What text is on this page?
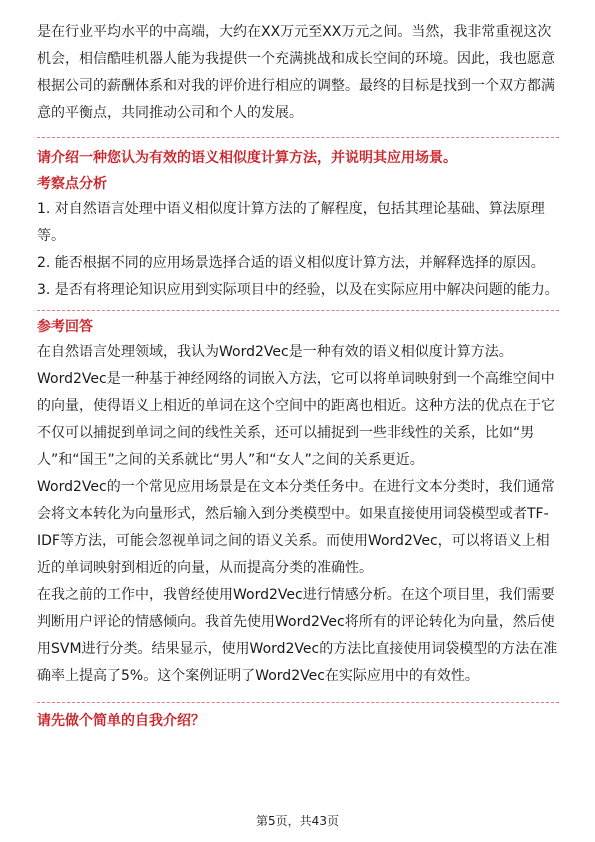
是在行业平均水平的中高端，大约在XX万元至XX万元之间。当然，我非常重视这次机会，相信酷哇机器人能为我提供一个充满挑战和成长空间的环境。因此，我也愿意根据公司的薪酬体系和对我的评价进行相应的调整。最终的目标是找到一个双方都满意的平衡点，共同推动公司和个人的发展。

请介绍一种您认为有效的语义相似度计算方法，并说明其应用场景。

考察点分析

1. 对自然语言处理中语义相似度计算方法的了解程度，包括其理论基础、算法原理等。

2. 能否根据不同的应用场景选择合适的语义相似度计算方法，并解释选择的原因。

3. 是否有将理论知识应用到实际项目中的经验，以及在实际应用中解决问题的能力。

参考回答

在自然语言处理领域，我认为Word2Vec是一种有效的语义相似度计算方法。

Word2Vec是一种基于神经网络的词嵌入方法，它可以将单词映射到一个高维空间中的向量，使得语义上相近的单词在这个空间中的距离也相近。这种方法的优点在于它不仅可以捕捉到单词之间的线性关系，还可以捕捉到一些非线性的关系，比如“男人”和“国王”之间的关系就比“男人”和“女人”之间的关系更近。

Word2Vec的一个常见应用场景是在文本分类任务中。在进行文本分类时，我们通常会将文本转化为向量形式，然后输入到分类模型中。如果直接使用词袋模型或者TF-IDF等方法，可能会忽视单词之间的语义关系。而使用Word2Vec，可以将语义上相近的单词映射到相近的向量，从而提高分类的准确性。

在我之前的工作中，我曾经使用Word2Vec进行情感分析。在这个项目里，我们需要判断用户评论的情感倾向。我首先使用Word2Vec将所有的评论转化为向量，然后使用SVM进行分类。结果显示，使用Word2Vec的方法比直接使用词袋模型的方法在准确率上提高了5%。这个案例证明了Word2Vec在实际应用中的有效性。

请先做个简单的自我介绍？

第5页，共43页
